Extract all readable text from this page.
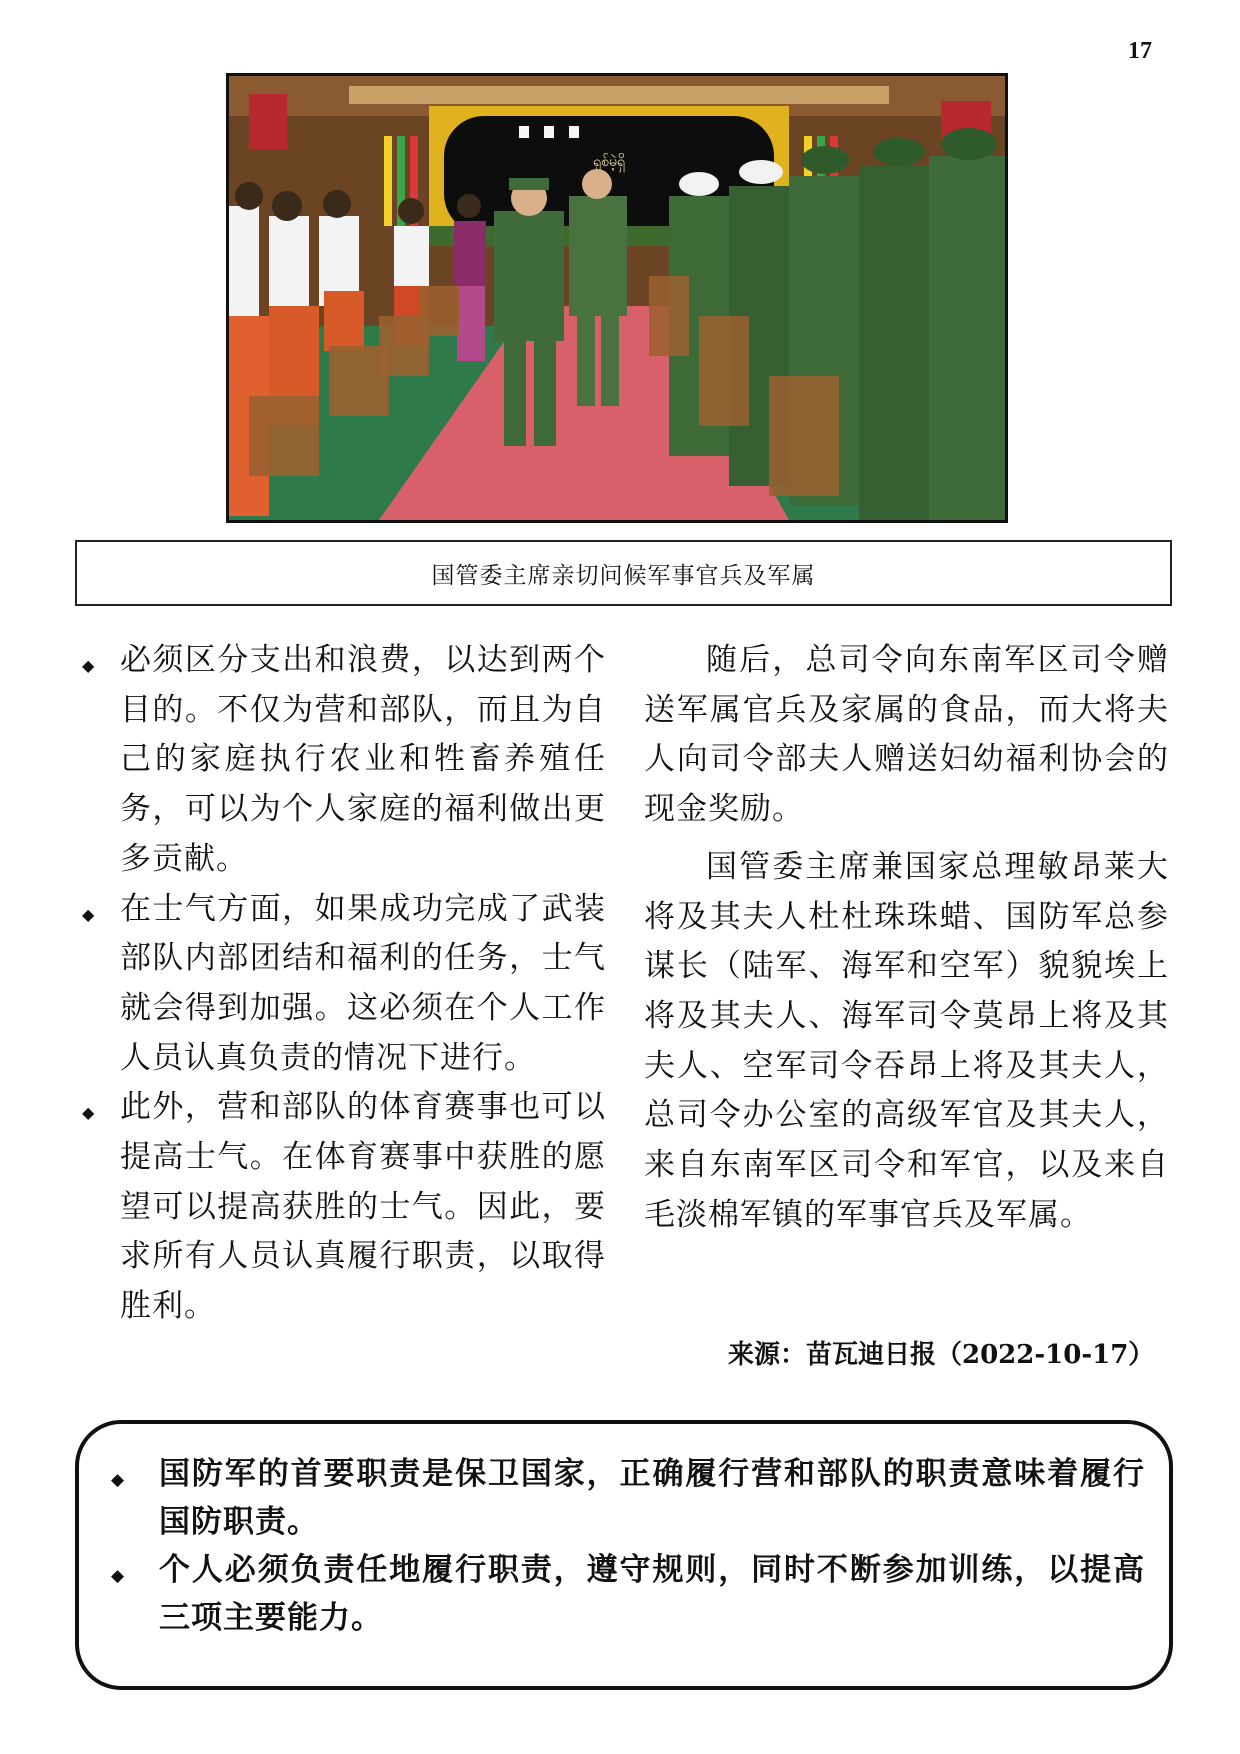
17
ရှစ်မဲ့ရှိ
国管委主席亲切问候军事官兵及军属
◆ 必须区分支出和浪费，以达到两个目的。不仅为营和部队，而且为自己的家庭执行农业和牲畜养殖任务，可以为个人家庭的福利做出更多贡献。
◆ 在士气方面，如果成功完成了武装部队内部团结和福利的任务，士气就会得到加强。这必须在个人工作人员认真负责的情况下进行。
◆ 此外，营和部队的体育赛事也可以提高士气。在体育赛事中获胜的愿望可以提高获胜的士气。因此，要求所有人员认真履行职责，以取得胜利。

随后，总司令向东南军区司令赠送军属官兵及家属的食品，而大将夫人向司令部夫人赠送妇幼福利协会的现金奖励。

国管委主席兼国家总理敏昂莱大将及其夫人杜杜珠珠蜡、国防军总参谋长（陆军、海军和空军）貌貌埃上将及其夫人、海军司令莫昂上将及其夫人、空军司令吞昂上将及其夫人，总司令办公室的高级军官及其夫人，来自东南军区司令和军官，以及来自毛淡棉军镇的军事官兵及军属。

来源：苗瓦迪日报（2022-10-17）
◆ 国防军的首要职责是保卫国家，正确履行营和部队的职责意味着履行国防职责。
◆ 个人必须负责任地履行职责，遵守规则，同时不断参加训练，以提高三项主要能力。
